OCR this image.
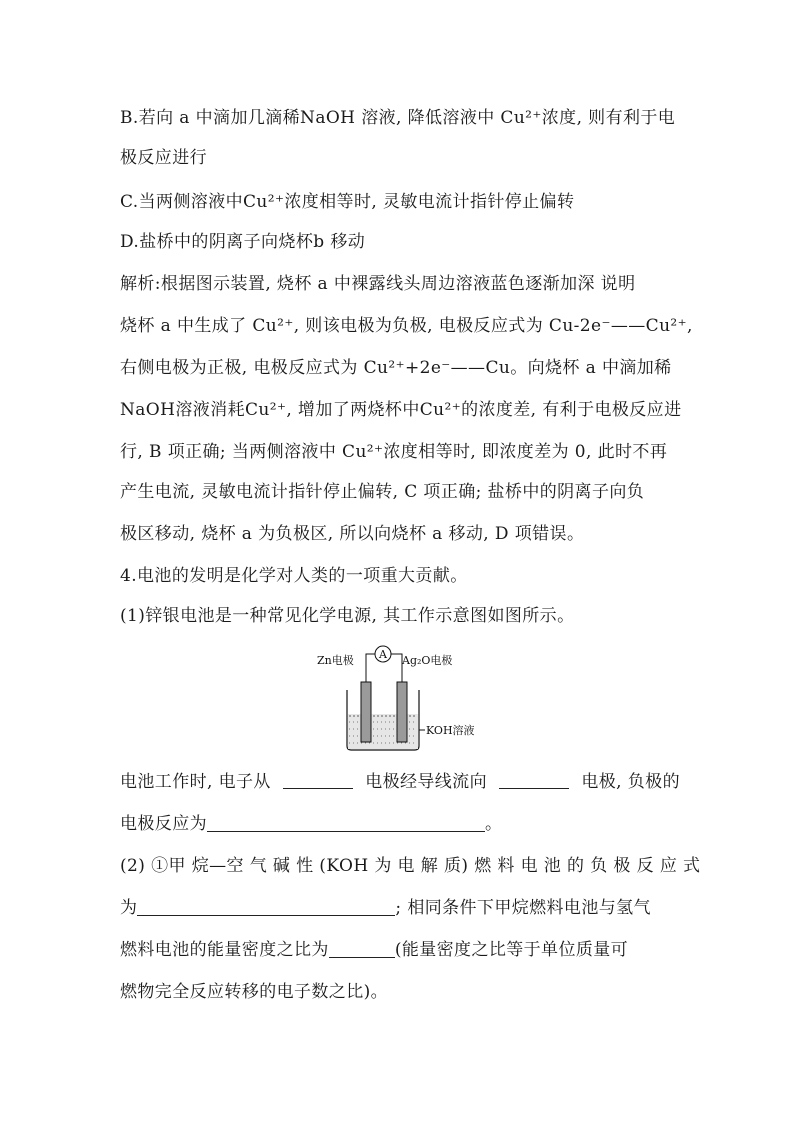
B.若向 a 中滴加几滴稀NaOH 溶液, 降低溶液中 Cu²⁺浓度, 则有利于电
极反应进行
C.当两侧溶液中Cu²⁺浓度相等时, 灵敏电流计指针停止偏转
D.盐桥中的阴离子向烧杯b 移动
解析:根据图示装置, 烧杯 a 中裸露线头周边溶液蓝色逐渐加深 说明
烧杯 a 中生成了 Cu²⁺, 则该电极为负极, 电极反应式为 Cu-2e⁻——Cu²⁺,
右侧电极为正极, 电极反应式为 Cu²⁺+2e⁻——Cu。向烧杯 a 中滴加稀
NaOH溶液消耗Cu²⁺, 增加了两烧杯中Cu²⁺的浓度差, 有利于电极反应进
行, B 项正确; 当两侧溶液中 Cu²⁺浓度相等时, 即浓度差为 0, 此时不再
产生电流, 灵敏电流计指针停止偏转, C 项正确; 盐桥中的阴离子向负
极区移动, 烧杯 a 为负极区, 所以向烧杯 a 移动, D 项错误。
4.电池的发明是化学对人类的一项重大贡献。
(1)锌银电池是一种常见化学电源, 其工作示意图如图所示。
Zn电极	Ag₂O电极
A
KOH溶液
电池工作时, 电子从	电极经导线流向	电极, 负极的
电极反应为	。
(2) ①甲 烷—空 气 碱 性 (KOH 为 电 解 质) 燃 料 电 池 的 负 极 反 应 式
为	; 相同条件下甲烷燃料电池与氢气
燃料电池的能量密度之比为	(能量密度之比等于单位质量可
燃物完全反应转移的电子数之比)。
